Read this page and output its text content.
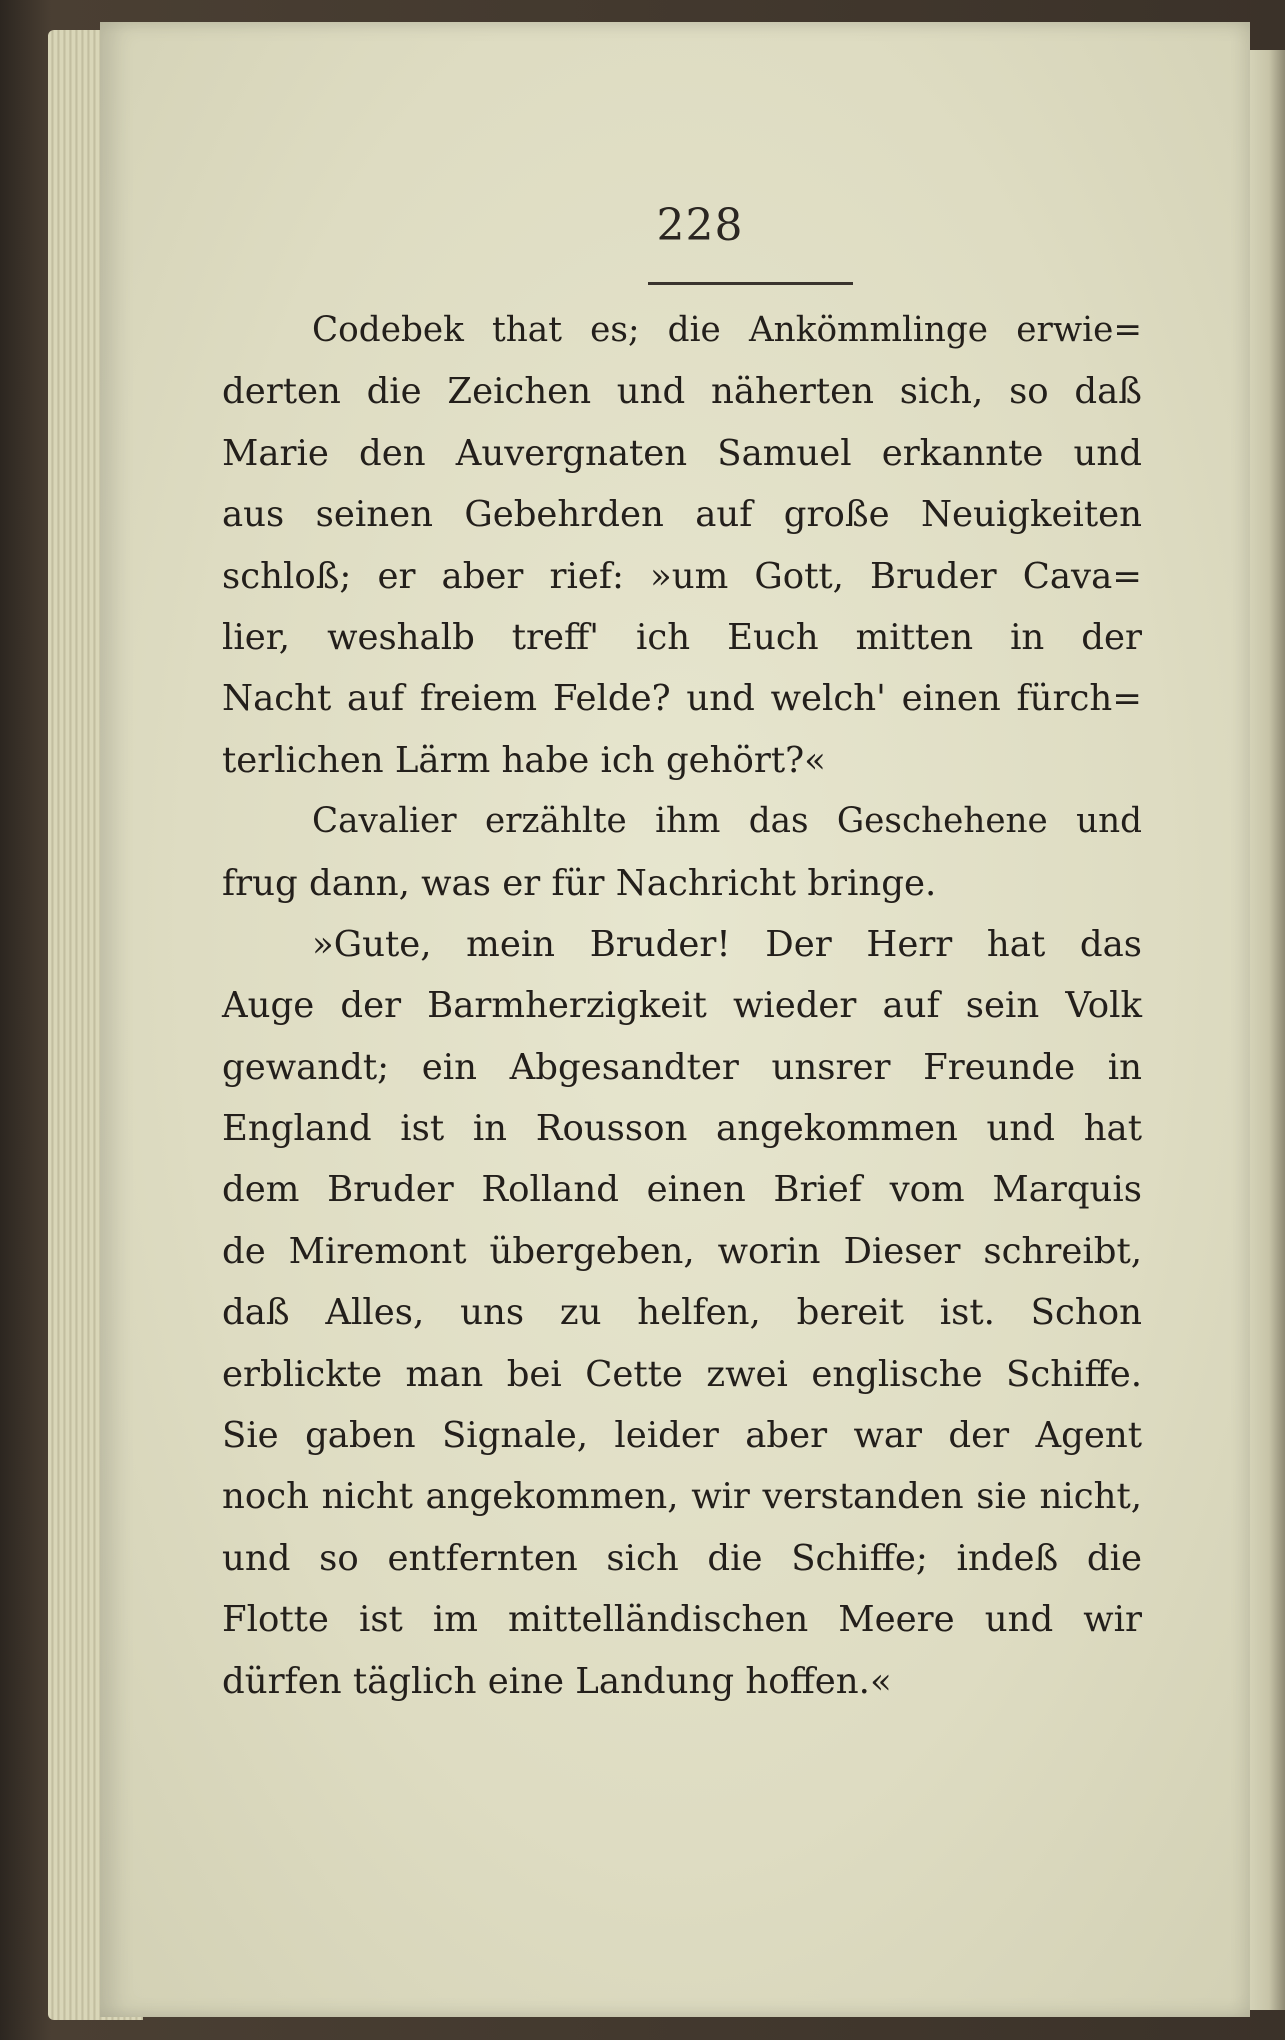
228
Codebek that es; die Ankömmlinge erwie=
derten die Zeichen und näherten sich, so daß
Marie den Auvergnaten Samuel erkannte und
aus seinen Gebehrden auf große Neuigkeiten
schloß; er aber rief: »um Gott, Bruder Cava=
lier, weshalb treff' ich Euch mitten in der
Nacht auf freiem Felde? und welch' einen fürch=
terlichen Lärm habe ich gehört?«
Cavalier erzählte ihm das Geschehene und
frug dann, was er für Nachricht bringe.
»Gute, mein Bruder! Der Herr hat das
Auge der Barmherzigkeit wieder auf sein Volk
gewandt; ein Abgesandter unsrer Freunde in
England ist in Rousson angekommen und hat
dem Bruder Rolland einen Brief vom Marquis
de Miremont übergeben, worin Dieser schreibt,
daß Alles, uns zu helfen, bereit ist. Schon
erblickte man bei Cette zwei englische Schiffe.
Sie gaben Signale, leider aber war der Agent
noch nicht angekommen, wir verstanden sie nicht,
und so entfernten sich die Schiffe; indeß die
Flotte ist im mittelländischen Meere und wir
dürfen täglich eine Landung hoffen.«
